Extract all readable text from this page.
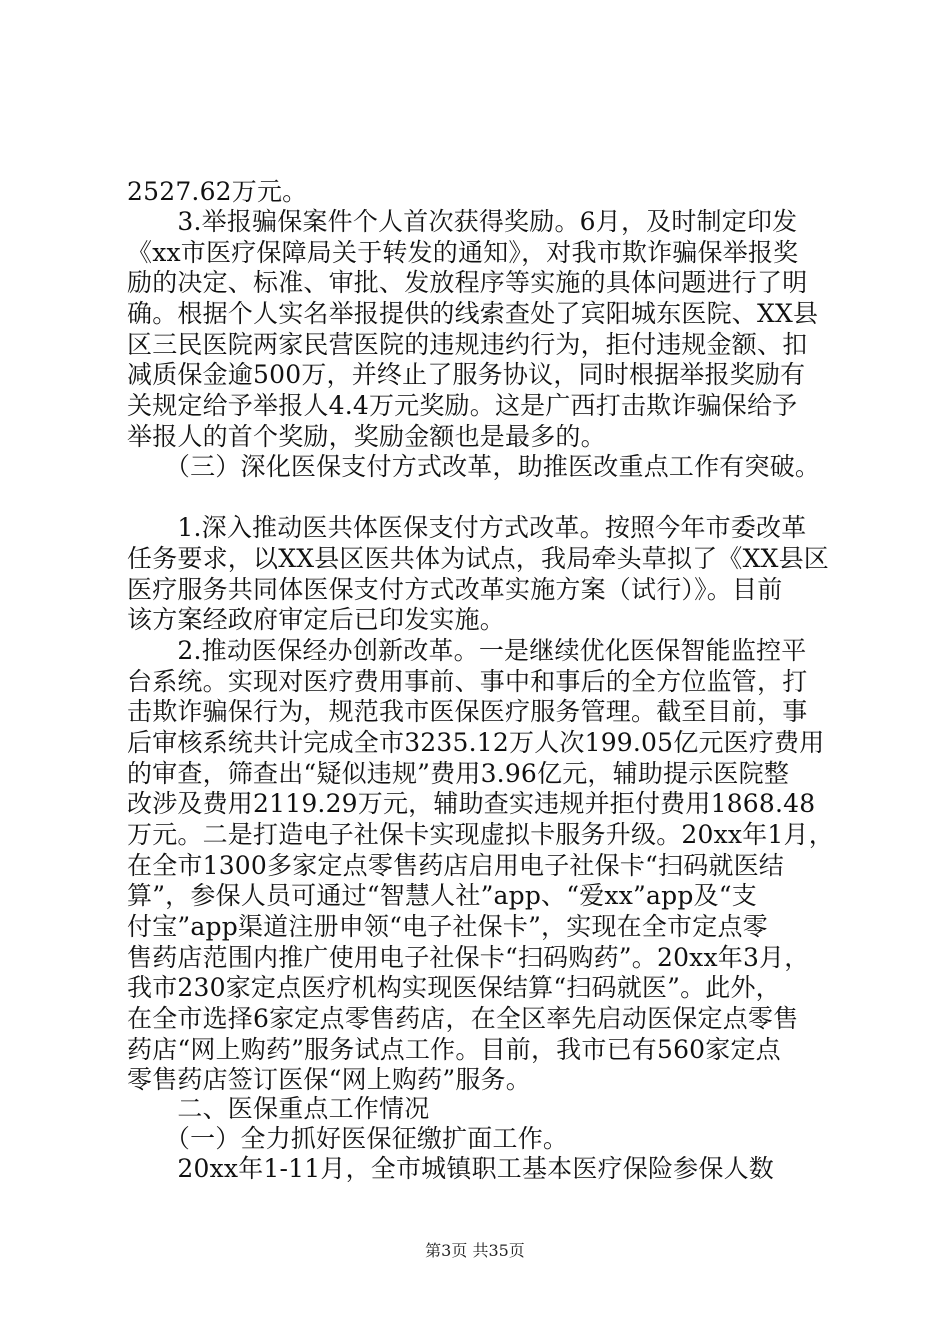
2527.62万元。
　　3.举报骗保案件个人首次获得奖励。6月，及时制定印发
《xx市医疗保障局关于转发的通知》，对我市欺诈骗保举报奖
励的决定、标准、审批、发放程序等实施的具体问题进行了明
确。根据个人实名举报提供的线索查处了宾阳城东医院、XX县
区三民医院两家民营医院的违规违约行为，拒付违规金额、扣
减质保金逾500万，并终止了服务协议，同时根据举报奖励有
关规定给予举报人4.4万元奖励。这是广西打击欺诈骗保给予
举报人的首个奖励，奖励金额也是最多的。
　　（三）深化医保支付方式改革，助推医改重点工作有突破。
　　1.深入推动医共体医保支付方式改革。按照今年市委改革
任务要求，以XX县区医共体为试点，我局牵头草拟了《XX县区
医疗服务共同体医保支付方式改革实施方案（试行）》。目前
该方案经政府审定后已印发实施。
　　2.推动医保经办创新改革。一是继续优化医保智能监控平
台系统。实现对医疗费用事前、事中和事后的全方位监管，打
击欺诈骗保行为，规范我市医保医疗服务管理。截至目前，事
后审核系统共计完成全市3235.12万人次199.05亿元医疗费用
的审查，筛查出“疑似违规”费用3.96亿元，辅助提示医院整
改涉及费用2119.29万元，辅助查实违规并拒付费用1868.48
万元。二是打造电子社保卡实现虚拟卡服务升级。20xx年1月，
在全市1300多家定点零售药店启用电子社保卡“扫码就医结
算”，参保人员可通过“智慧人社”app、“爱xx”app及“支
付宝”app渠道注册申领“电子社保卡”，实现在全市定点零
售药店范围内推广使用电子社保卡“扫码购药”。20xx年3月，
我市230家定点医疗机构实现医保结算“扫码就医”。此外，
在全市选择6家定点零售药店，在全区率先启动医保定点零售
药店“网上购药”服务试点工作。目前，我市已有560家定点
零售药店签订医保“网上购药”服务。
　　二、医保重点工作情况
　　（一）全力抓好医保征缴扩面工作。
　　20xx年1-11月，全市城镇职工基本医疗保险参保人数
第3页 共35页
